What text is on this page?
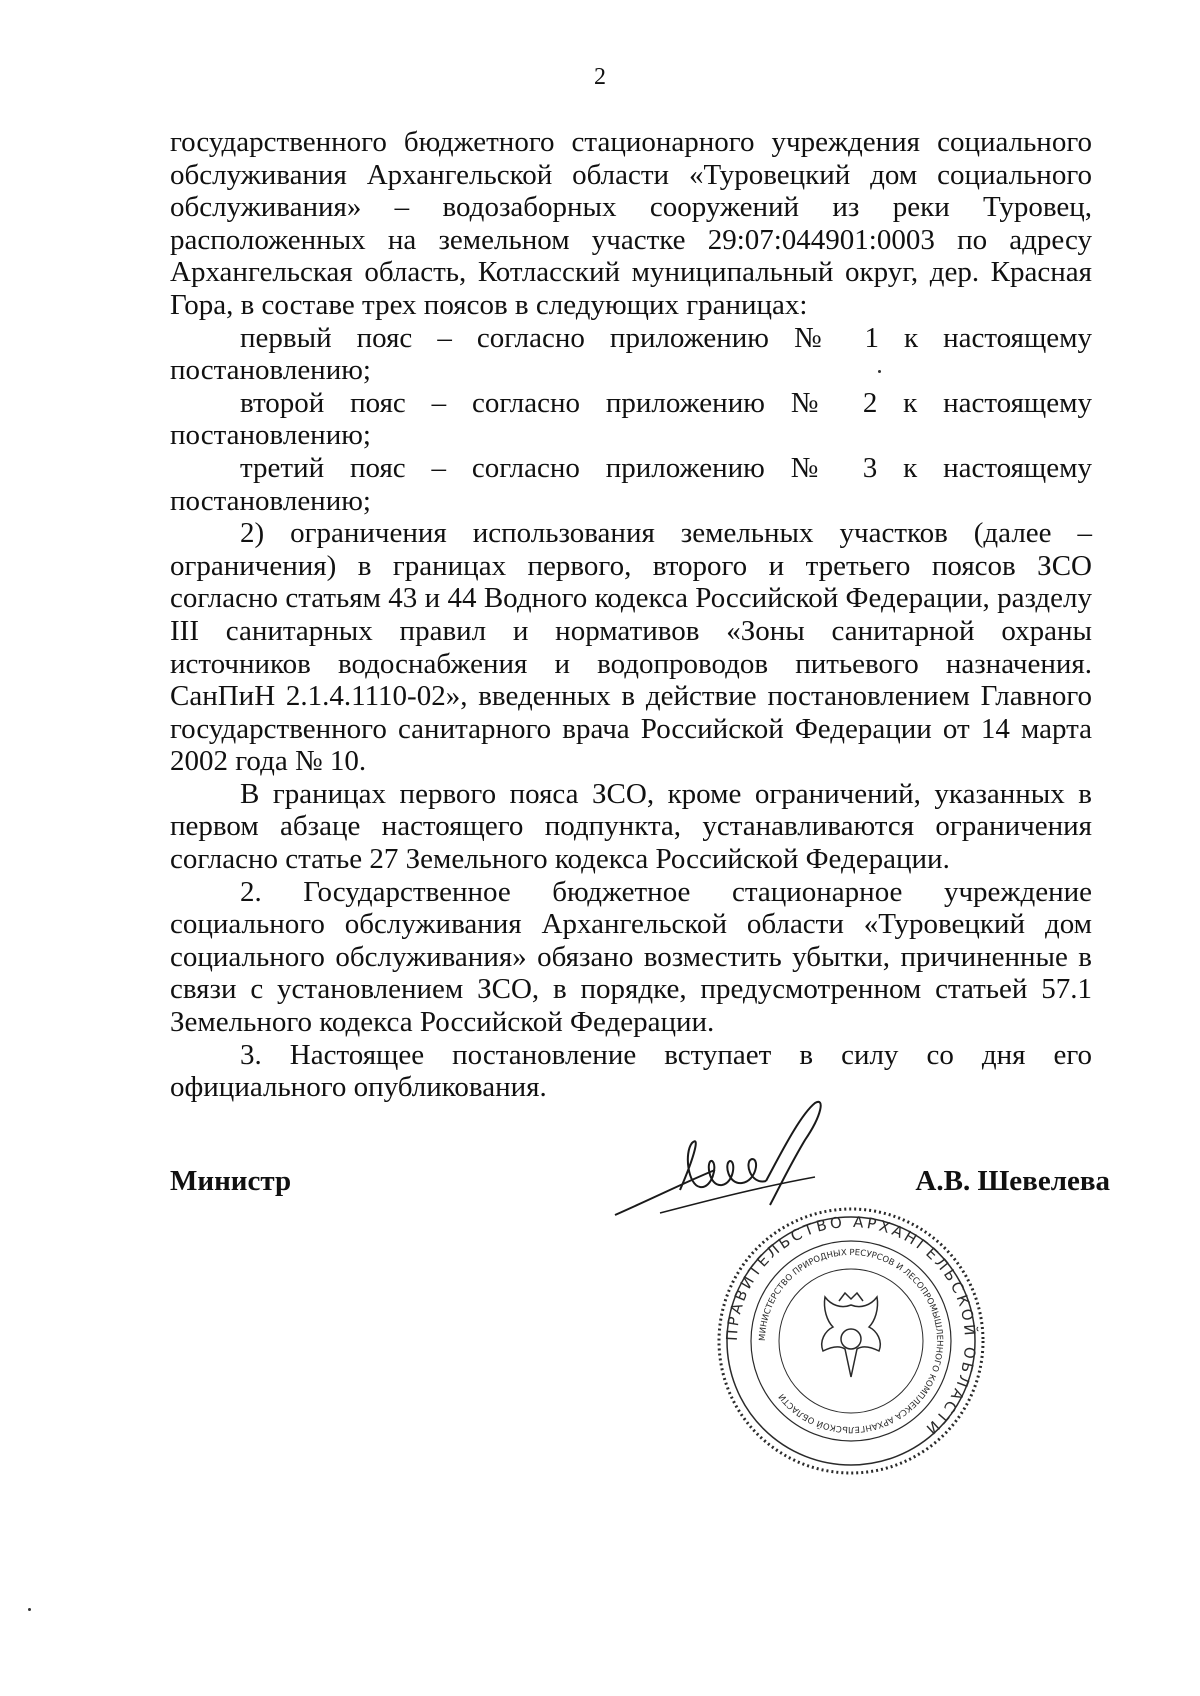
2

государственного бюджетного стационарного учреждения социального обслуживания Архангельской области «Туровецкий дом социального обслуживания» – водозаборных сооружений из реки Туровец, расположенных на земельном участке 29:07:044901:0003 по адресу Архангельская область, Котласский муниципальный округ, дер. Красная Гора, в составе трех поясов в следующих границах:

первый пояс – согласно приложению № 1 к настоящему постановлению;

второй пояс – согласно приложению № 2 к настоящему постановлению;

третий пояс – согласно приложению № 3 к настоящему постановлению;

2) ограничения использования земельных участков (далее – ограничения) в границах первого, второго и третьего поясов ЗСО согласно статьям 43 и 44 Водного кодекса Российской Федерации, разделу III санитарных правил и нормативов «Зоны санитарной охраны источников водоснабжения и водопроводов питьевого назначения. СанПиН 2.1.4.1110-02», введенных в действие постановлением Главного государственного санитарного врача Российской Федерации от 14 марта 2002 года № 10.

В границах первого пояса ЗСО, кроме ограничений, указанных в первом абзаце настоящего подпункта, устанавливаются ограничения согласно статье 27 Земельного кодекса Российской Федерации.

2. Государственное бюджетное стационарное учреждение социального обслуживания Архангельской области «Туровецкий дом социального обслуживания» обязано возместить убытки, причиненные в связи с установлением ЗСО, в порядке, предусмотренном статьей 57.1 Земельного кодекса Российской Федерации.

3. Настоящее постановление вступает в силу со дня его официального опубликования.

Министр	А.В. Шевелева
ПРАВИТЕЛЬСТВО АРХАНГЕЛЬСКОЙ ОБЛАСТИ
МИНИСТЕРСТВО ПРИРОДНЫХ РЕСУРСОВ И ЛЕСОПРОМЫШЛЕННОГО КОМПЛЕКСА АРХАНГЕЛЬСКОЙ ОБЛАСТИ
